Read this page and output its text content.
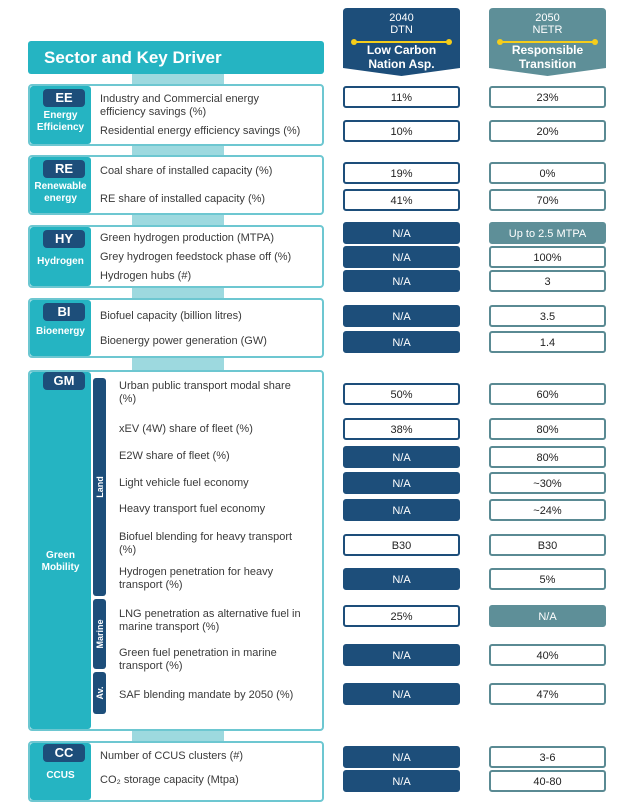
2040
DTN
Low Carbon Nation Asp.
2050
NETR
Responsible Transition
Sector and Key Driver
EE
Energy Efficiency
RE
Renewable energy
HY
Hydrogen
BI
Bioenergy
GM
Green Mobility
Land
Marine
Av.
CC
CCUS
Industry and Commercial energy efficiency savings (%)
Residential energy efficiency savings (%)
Coal share of installed capacity (%)
RE share of installed capacity (%)
Green hydrogen production (MTPA)
Grey hydrogen feedstock phase off (%)
Hydrogen hubs (#)
Biofuel capacity (billion litres)
Bioenergy power generation (GW)
Urban public transport modal share (%)
xEV (4W) share of fleet (%)
E2W share of fleet (%)
Light vehicle fuel economy
Heavy transport fuel economy
Biofuel blending for heavy transport (%)
Hydrogen penetration for heavy transport (%)
LNG penetration as alternative fuel in marine transport (%)
Green fuel penetration in marine transport (%)
SAF blending mandate by 2050 (%)
Number of CCUS clusters (#)
CO₂ storage capacity (Mtpa)
11%
10%
19%
41%
N/A
N/A
N/A
N/A
N/A
50%
38%
N/A
N/A
N/A
B30
N/A
25%
N/A
N/A
N/A
N/A
23%
20%
0%
70%
Up to 2.5 MTPA
100%
3
3.5
1.4
60%
80%
80%
~30%
~24%
B30
5%
N/A
40%
47%
3-6
40-80
